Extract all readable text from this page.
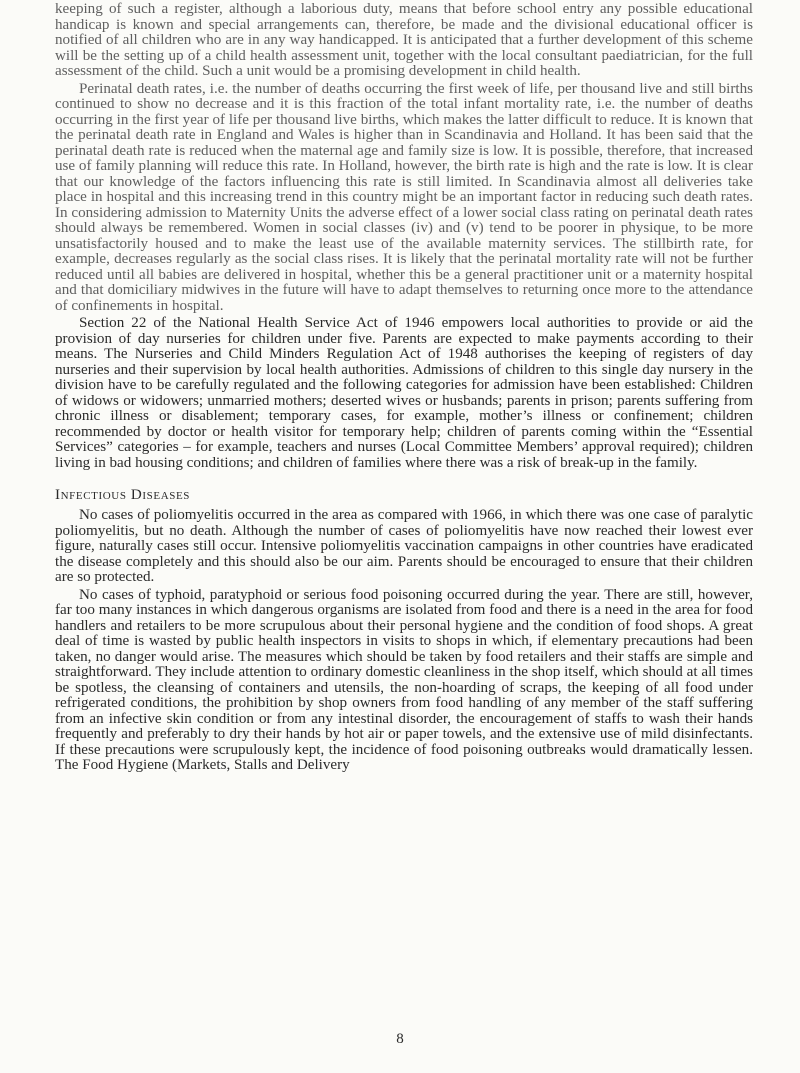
keeping of such a register, although a laborious duty, means that before school entry any possible educational handicap is known and special arrangements can, therefore, be made and the divisional educational officer is notified of all children who are in any way handicapped. It is anticipated that a further development of this scheme will be the setting up of a child health assessment unit, together with the local consultant paediatrician, for the full assessment of the child. Such a unit would be a promising development in child health.

Perinatal death rates, i.e. the number of deaths occurring the first week of life, per thousand live and still births continued to show no decrease and it is this fraction of the total infant mortality rate, i.e. the number of deaths occurring in the first year of life per thousand live births, which makes the latter difficult to reduce. It is known that the perinatal death rate in England and Wales is higher than in Scandinavia and Holland. It has been said that the perinatal death rate is reduced when the maternal age and family size is low. It is possible, therefore, that increased use of family planning will reduce this rate. In Holland, however, the birth rate is high and the rate is low. It is clear that our knowledge of the factors influencing this rate is still limited. In Scandinavia almost all deliveries take place in hospital and this increasing trend in this country might be an important factor in reducing such death rates. In considering admission to Maternity Units the adverse effect of a lower social class rating on perinatal death rates should always be remembered. Women in social classes (iv) and (v) tend to be poorer in physique, to be more unsatisfactorily housed and to make the least use of the available maternity services. The stillbirth rate, for example, decreases regularly as the social class rises. It is likely that the perinatal mortality rate will not be further reduced until all babies are delivered in hospital, whether this be a general practitioner unit or a maternity hospital and that domiciliary midwives in the future will have to adapt themselves to returning once more to the attendance of confinements in hospital.

Section 22 of the National Health Service Act of 1946 empowers local authorities to provide or aid the provision of day nurseries for children under five. Parents are expected to make payments according to their means. The Nurseries and Child Minders Regulation Act of 1948 authorises the keeping of registers of day nurseries and their supervision by local health authorities. Admissions of children to this single day nursery in the division have to be carefully regulated and the following categories for admission have been established: Children of widows or widowers; unmarried mothers; deserted wives or husbands; parents in prison; parents suffering from chronic illness or disablement; temporary cases, for example, mother’s illness or confinement; children recommended by doctor or health visitor for temporary help; children of parents coming within the “Essential Services” categories – for example, teachers and nurses (Local Committee Members’ approval required); children living in bad housing conditions; and children of families where there was a risk of break-up in the family.

Infectious Diseases

No cases of poliomyelitis occurred in the area as compared with 1966, in which there was one case of paralytic poliomyelitis, but no death. Although the number of cases of poliomyelitis have now reached their lowest ever figure, naturally cases still occur. Intensive poliomyelitis vaccination campaigns in other countries have eradicated the disease completely and this should also be our aim. Parents should be encouraged to ensure that their children are so protected.

No cases of typhoid, paratyphoid or serious food poisoning occurred during the year. There are still, however, far too many instances in which dangerous organisms are isolated from food and there is a need in the area for food handlers and retailers to be more scrupulous about their personal hygiene and the condition of food shops. A great deal of time is wasted by public health inspectors in visits to shops in which, if elementary precautions had been taken, no danger would arise. The measures which should be taken by food retailers and their staffs are simple and straightforward. They include attention to ordinary domestic cleanliness in the shop itself, which should at all times be spotless, the cleansing of containers and utensils, the non-hoarding of scraps, the keeping of all food under refrigerated conditions, the prohibition by shop owners from food handling of any member of the staff suffering from an infective skin condition or from any intestinal disorder, the encouragement of staffs to wash their hands frequently and preferably to dry their hands by hot air or paper towels, and the extensive use of mild disinfectants. If these precautions were scrupulously kept, the incidence of food poisoning outbreaks would dramatically lessen. The Food Hygiene (Markets, Stalls and Delivery

8
